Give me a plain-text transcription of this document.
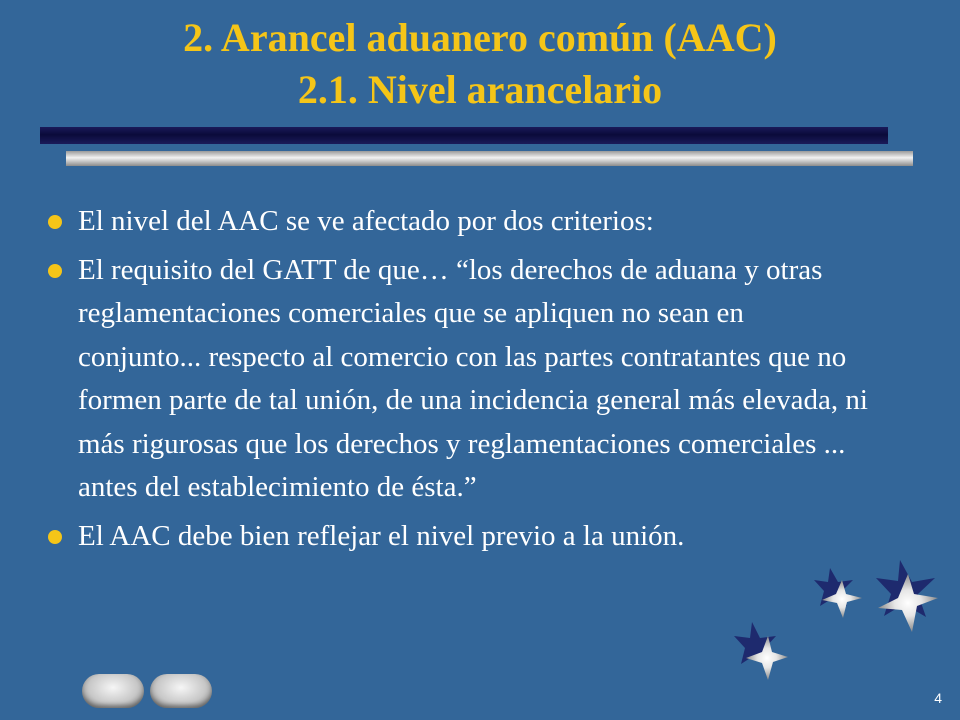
2. Arancel aduanero común (AAC)
2.1. Nivel arancelario
El nivel del AAC se ve afectado por dos criterios:
El requisito del GATT de que… “los derechos de aduana y otras reglamentaciones comerciales que se apliquen no sean en conjunto... respecto al comercio con las partes contratantes que no formen parte de tal unión, de una incidencia general más elevada, ni más rigurosas que los derechos y reglamentaciones comerciales ... antes del establecimiento de ésta.”
El AAC debe bien reflejar el nivel previo a la unión.
4
